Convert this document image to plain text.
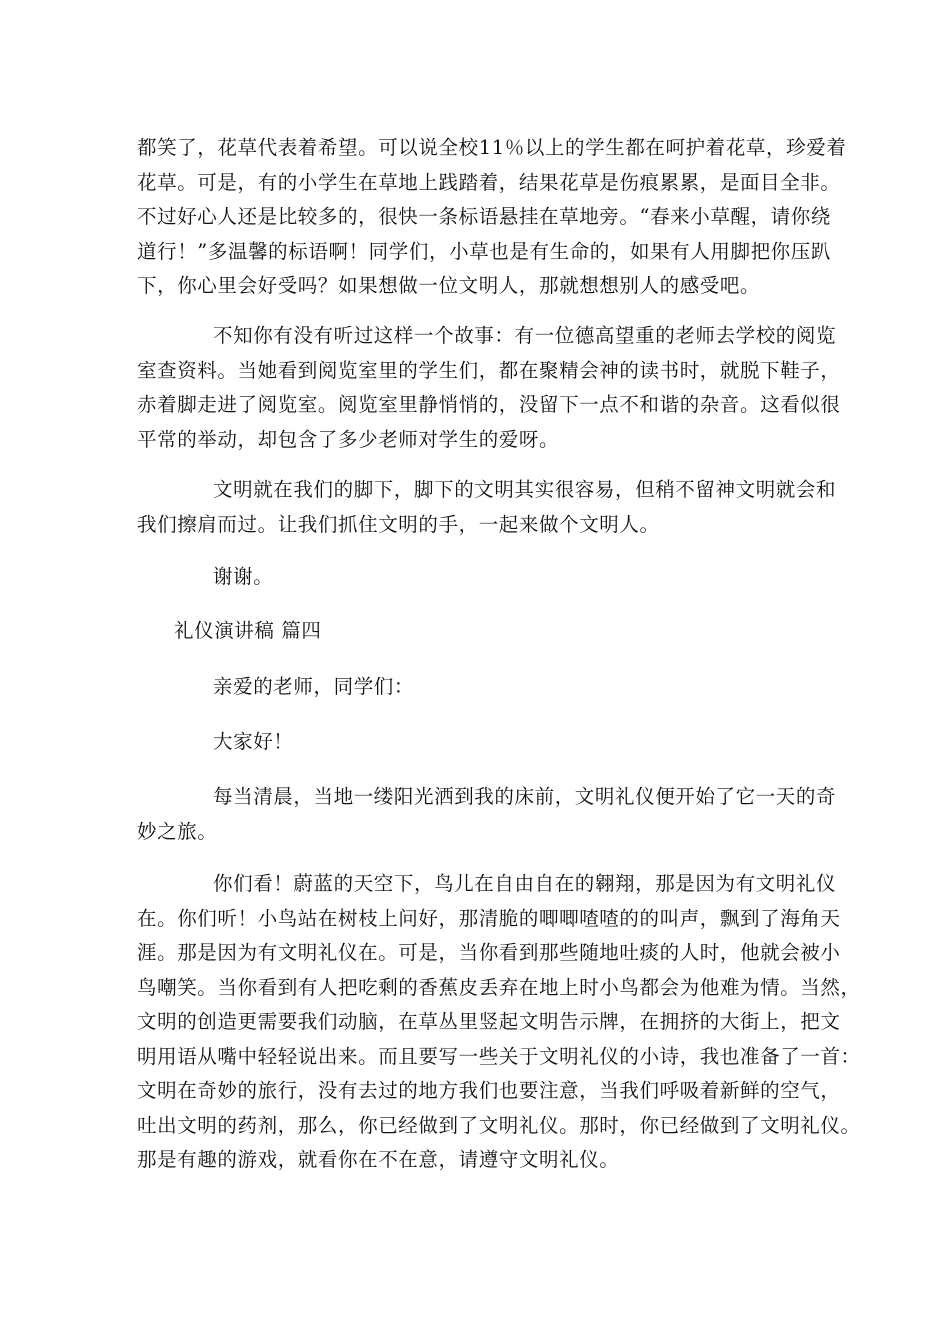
都笑了，花草代表着希望。可以说全校11％以上的学生都在呵护着花草，珍爱着
花草。可是，有的小学生在草地上践踏着，结果花草是伤痕累累，是面目全非。
不过好心人还是比较多的，很快一条标语悬挂在草地旁。“春来小草醒，请你绕
道行！”多温馨的标语啊！同学们，小草也是有生命的，如果有人用脚把你压趴
下，你心里会好受吗？如果想做一位文明人，那就想想别人的感受吧。
不知你有没有听过这样一个故事：有一位德高望重的老师去学校的阅览
室查资料。当她看到阅览室里的学生们，都在聚精会神的读书时，就脱下鞋子，
赤着脚走进了阅览室。阅览室里静悄悄的，没留下一点不和谐的杂音。这看似很
平常的举动，却包含了多少老师对学生的爱呀。
文明就在我们的脚下，脚下的文明其实很容易，但稍不留神文明就会和
我们擦肩而过。让我们抓住文明的手，一起来做个文明人。
谢谢。
礼仪演讲稿 篇四
亲爱的老师，同学们：
大家好！
每当清晨，当地一缕阳光洒到我的床前，文明礼仪便开始了它一天的奇
妙之旅。
你们看！蔚蓝的天空下，鸟儿在自由自在的翱翔，那是因为有文明礼仪
在。你们听！小鸟站在树枝上问好，那清脆的唧唧喳喳的的叫声，飘到了海角天
涯。那是因为有文明礼仪在。可是，当你看到那些随地吐痰的人时，他就会被小
鸟嘲笑。当你看到有人把吃剩的香蕉皮丢弃在地上时小鸟都会为他难为情。当然，
文明的创造更需要我们动脑，在草丛里竖起文明告示牌，在拥挤的大街上，把文
明用语从嘴中轻轻说出来。而且要写一些关于文明礼仪的小诗，我也准备了一首：
文明在奇妙的旅行，没有去过的地方我们也要注意，当我们呼吸着新鲜的空气，
吐出文明的药剂，那么，你已经做到了文明礼仪。那时，你已经做到了文明礼仪。
那是有趣的游戏，就看你在不在意，请遵守文明礼仪。
